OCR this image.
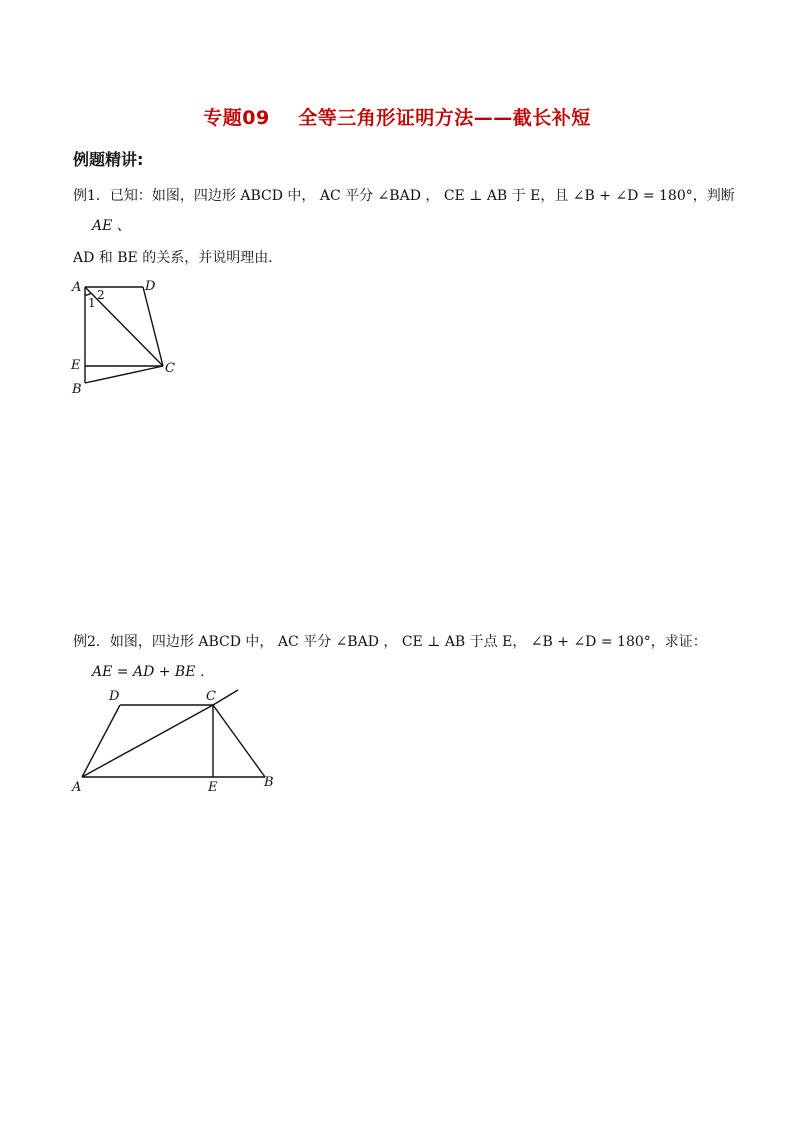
专题09    全等三角形证明方法——截长补短
例题精讲:
例1．已知：如图，四边形 ABCD 中， AC 平分 ∠BAD ， CE ⊥ AB 于 E，且 ∠B + ∠D = 180°，判断
AE 、
AD 和 BE 的关系，并说明理由．
A	D
C
E
B
1
2
例2．如图，四边形 ABCD 中， AC 平分 ∠BAD ， CE ⊥ AB 于点 E， ∠B + ∠D = 180°，求证：
AE = AD + BE ．
D	C
A	E	B
